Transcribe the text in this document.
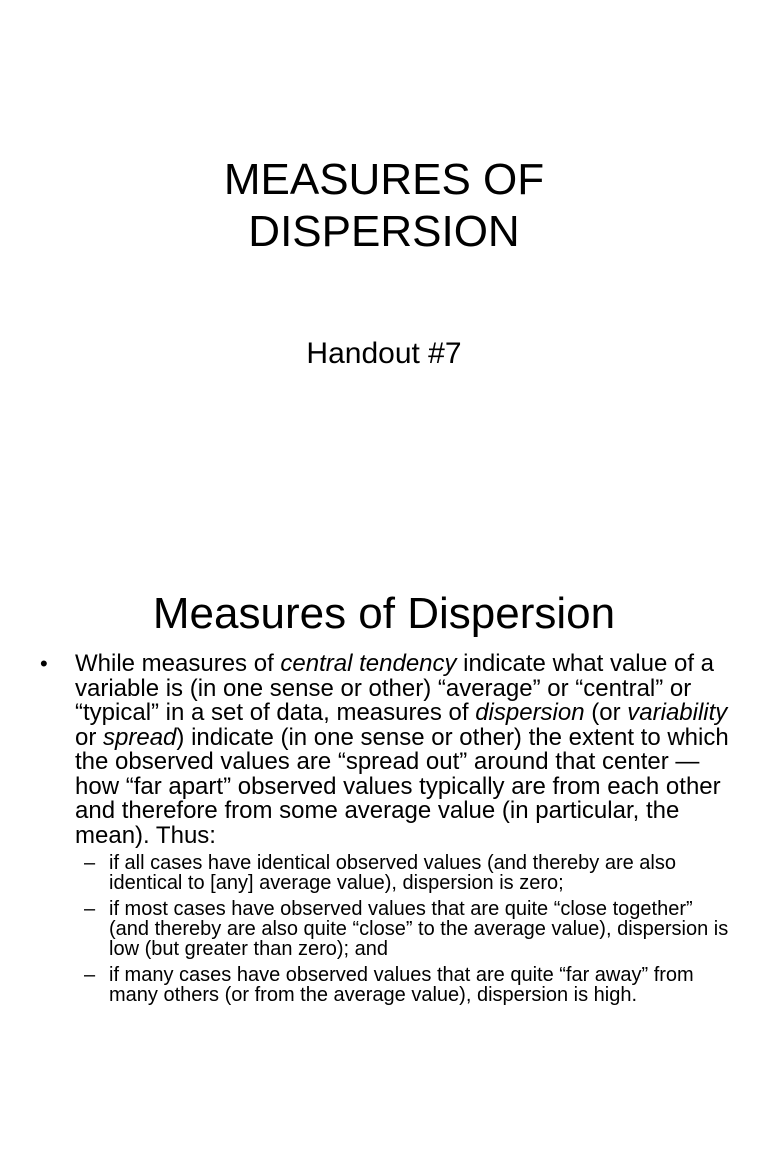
MEASURES OF
DISPERSION

Handout #7

Measures of Dispersion
• While measures of central tendency indicate what value of a variable is (in one sense or other) “average” or “central” or “typical” in a set of data, measures of dispersion (or variability or spread) indicate (in one sense or other) the extent to which the observed values are “spread out” around that center — how “far apart” observed values typically are from each other and therefore from some average value (in particular, the mean). Thus:
– if all cases have identical observed values (and thereby are also identical to [any] average value), dispersion is zero;
– if most cases have observed values that are quite “close together” (and thereby are also quite “close” to the average value), dispersion is low (but greater than zero); and
– if many cases have observed values that are quite “far away” from many others (or from the average value), dispersion is high.
